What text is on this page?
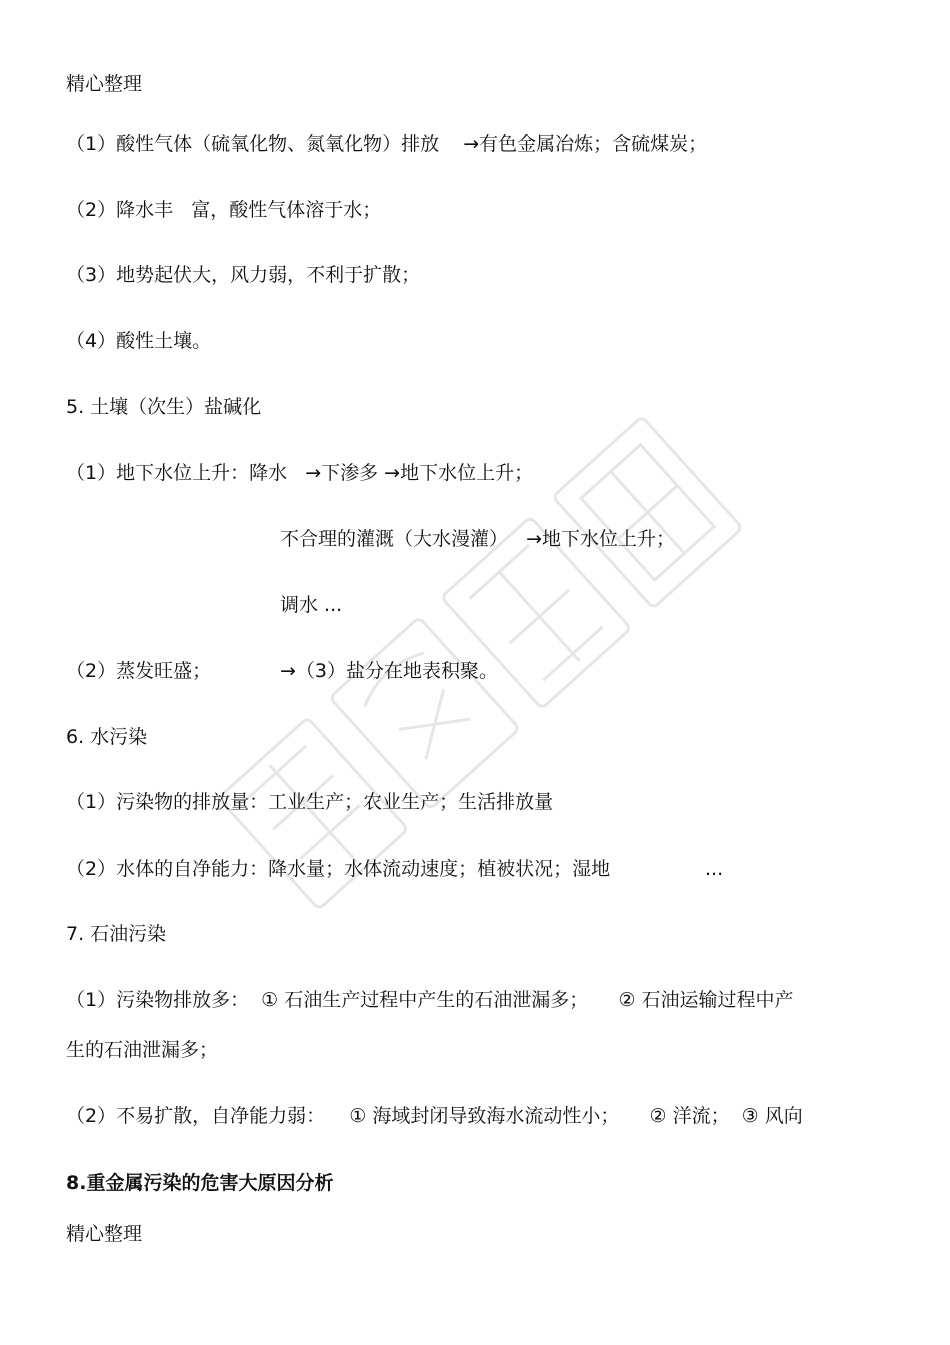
精心整理
（1）酸性气体（硫氧化物、氮氧化物）排放    →有色金属冶炼；含硫煤炭；
（2）降水丰   富，酸性气体溶于水；
（3）地势起伏大，风力弱，不利于扩散；
（4）酸性土壤。
5. 土壤（次生）盐碱化
（1）地下水位上升：降水   →下渗多 →地下水位上升；
不合理的灌溉（大水漫灌）   →地下水位上升；
调水 ...
（2）蒸发旺盛；	→（3）盐分在地表积聚。
6. 水污染
（1）污染物的排放量：工业生产；农业生产；生活排放量
（2）水体的自净能力：降水量；水体流动速度；植被状况；湿地	...
7. 石油污染
（1）污染物排放多：  ① 石油生产过程中产生的石油泄漏多；     ② 石油运输过程中产
生的石油泄漏多；
（2）不易扩散，自净能力弱：    ① 海域封闭导致海水流动性小；     ② 洋流；  ③ 风向
8.重金属污染的危害大原因分析
精心整理
